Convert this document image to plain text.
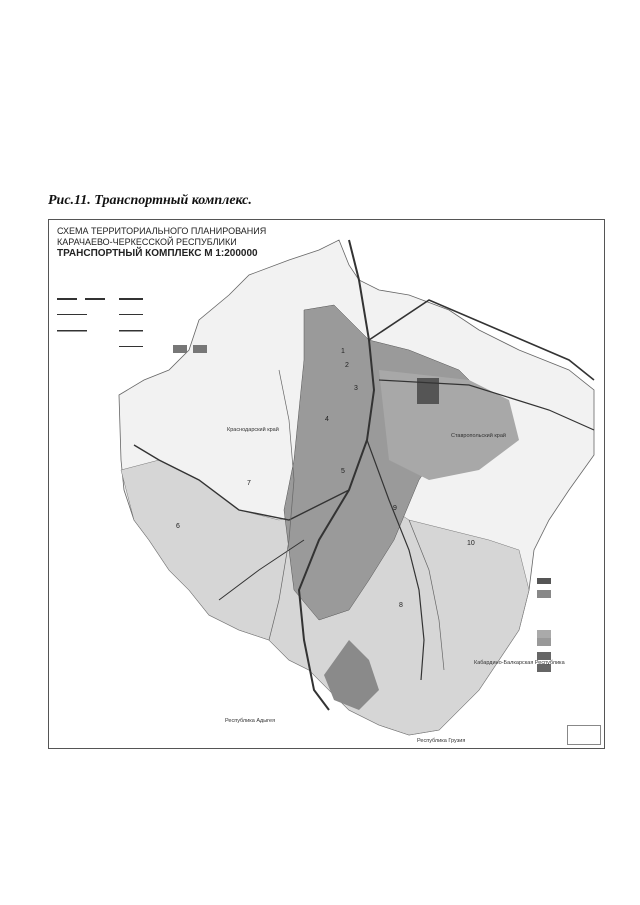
Рис.11. Транспортный комплекс.
СХЕМА ТЕРРИТОРИАЛЬНОГО ПЛАНИРОВАНИЯ
КАРАЧАЕВО-ЧЕРКЕССКОЙ РЕСПУБЛИКИ
ТРАНСПОРТНЫЙ КОМПЛЕКС М 1:200000
Краснодарский край
Ставропольский край
Республика Адыгея
Республика Грузия
Кабардино-Балкарская Республика
1
2
3
4
5
6
7
8
9
10
